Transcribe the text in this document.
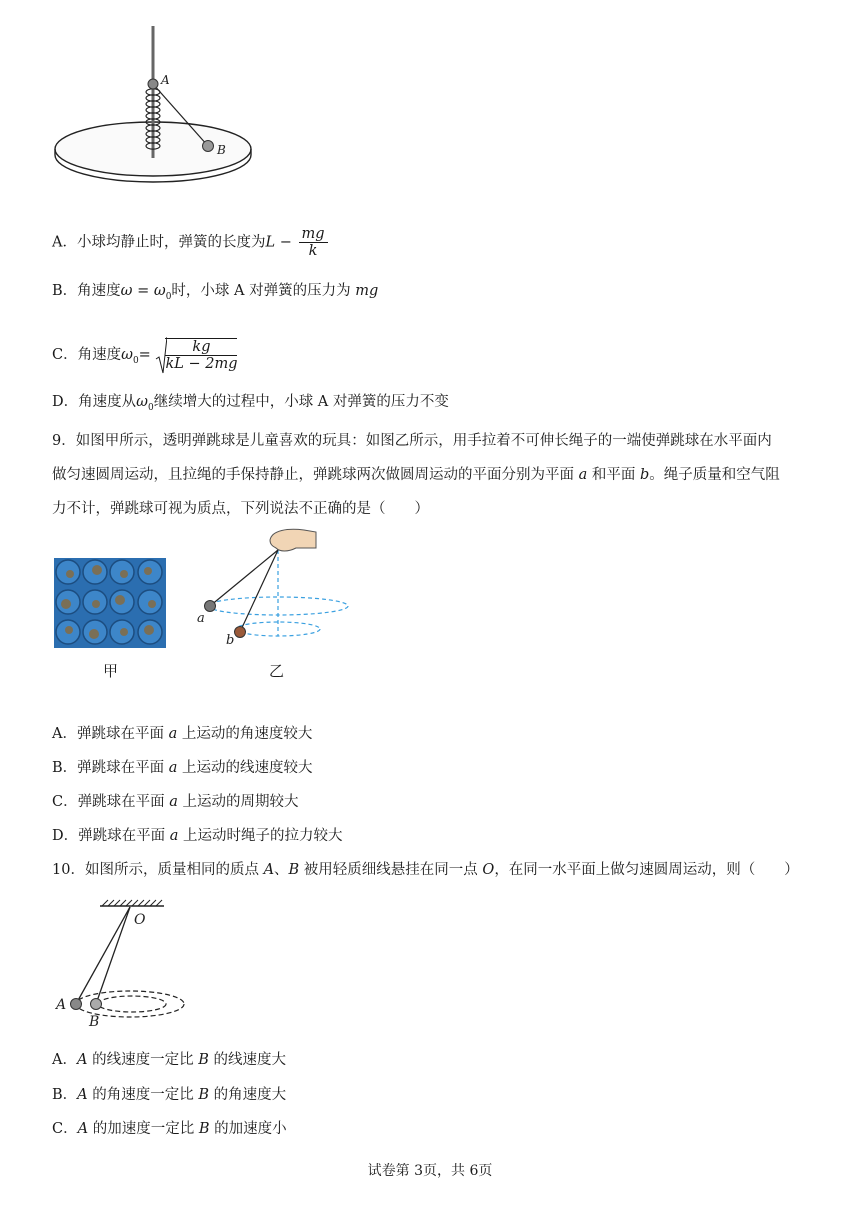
A
B
A．小球均静止时，弹簧的长度为$L - \frac{mg}{k}$
B．角速度$\omega = \omega_0$时，小球 A 对弹簧的压力为 mg
C．角速度$\omega_0= \frac{kg}{kL - 2mg}$
D．角速度从$\omega_0$继续增大的过程中，小球 A 对弹簧的压力不变
9．如图甲所示，透明弹跳球是儿童喜欢的玩具：如图乙所示，用手拉着不可伸长绳子的一端使弹跳球在水平面内
做匀速圆周运动，且拉绳的手保持静止，弹跳球两次做圆周运动的平面分别为平面 a 和平面 b。绳子质量和空气阻
力不计，弹跳球可视为质点，下列说法不正确的是（　　）
甲
a
b
乙
A．弹跳球在平面 a 上运动的角速度较大
B．弹跳球在平面 a 上运动的线速度较大
C．弹跳球在平面 a 上运动的周期较大
D．弹跳球在平面 a 上运动时绳子的拉力较大
10．如图所示，质量相同的质点 A、B 被用轻质细线悬挂在同一点 O，在同一水平面上做匀速圆周运动，则（　　）
O
A
B
A．A 的线速度一定比 B 的线速度大
B．A 的角速度一定比 B 的角速度大
C．A 的加速度一定比 B 的加速度小
试卷第 3页，共 6页
